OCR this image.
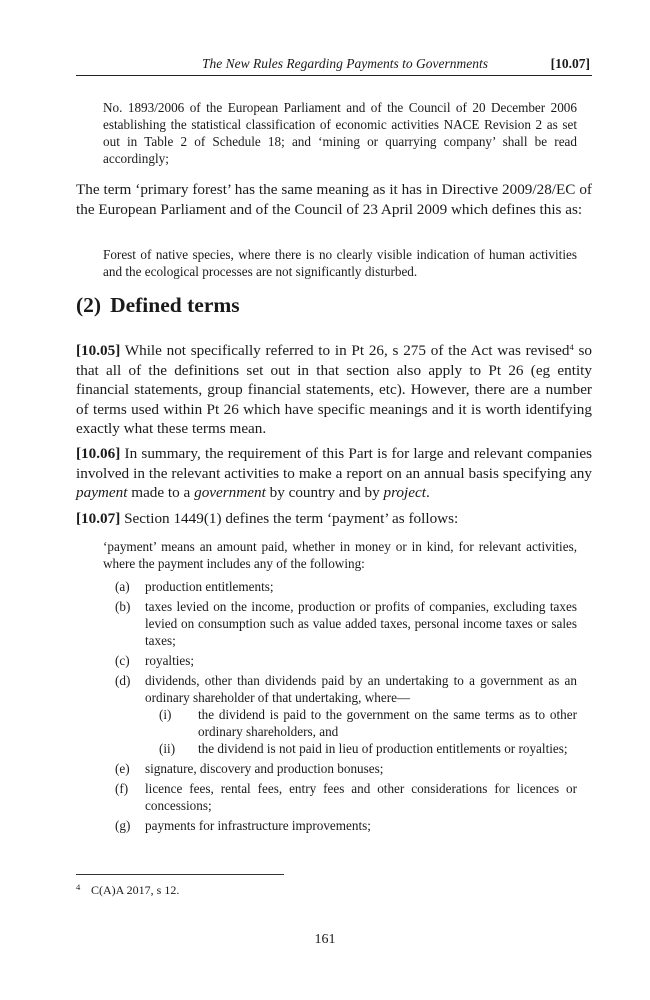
The New Rules Regarding Payments to Governments	[10.07]

No. 1893/2006 of the European Parliament and of the Council of 20 December 2006 establishing the statistical classification of economic activities NACE Revision 2 as set out in Table 2 of Schedule 18; and ‘mining or quarrying company’ shall be read accordingly;

The term ‘primary forest’ has the same meaning as it has in Directive 2009/28/EC of the European Parliament and of the Council of 23 April 2009 which defines this as:

Forest of native species, where there is no clearly visible indication of human activities and the ecological processes are not significantly disturbed.

(2) Defined terms

[10.05] While not specifically referred to in Pt 26, s 275 of the Act was revised$^4$ so that all of the definitions set out in that section also apply to Pt 26 (eg entity financial statements, group financial statements, etc). However, there are a number of terms used within Pt 26 which have specific meanings and it is worth identifying exactly what these terms mean.

[10.06] In summary, the requirement of this Part is for large and relevant companies involved in the relevant activities to make a report on an annual basis specifying any payment made to a government by country and by project.

[10.07] Section 1449(1) defines the term ‘payment’ as follows:

‘payment’ means an amount paid, whether in money or in kind, for relevant activities, where the payment includes any of the following:

(a) production entitlements;
(b) taxes levied on the income, production or profits of companies, excluding taxes levied on consumption such as value added taxes, personal income taxes or sales taxes;
(c) royalties;
(d) dividends, other than dividends paid by an undertaking to a government as an ordinary shareholder of that undertaking, where—
(i) the dividend is paid to the government on the same terms as to other ordinary shareholders, and
(ii) the dividend is not paid in lieu of production entitlements or royalties;
(e) signature, discovery and production bonuses;
(f) licence fees, rental fees, entry fees and other considerations for licences or concessions;
(g) payments for infrastructure improvements;
$^4$ C(A)A 2017, s 12.
161
